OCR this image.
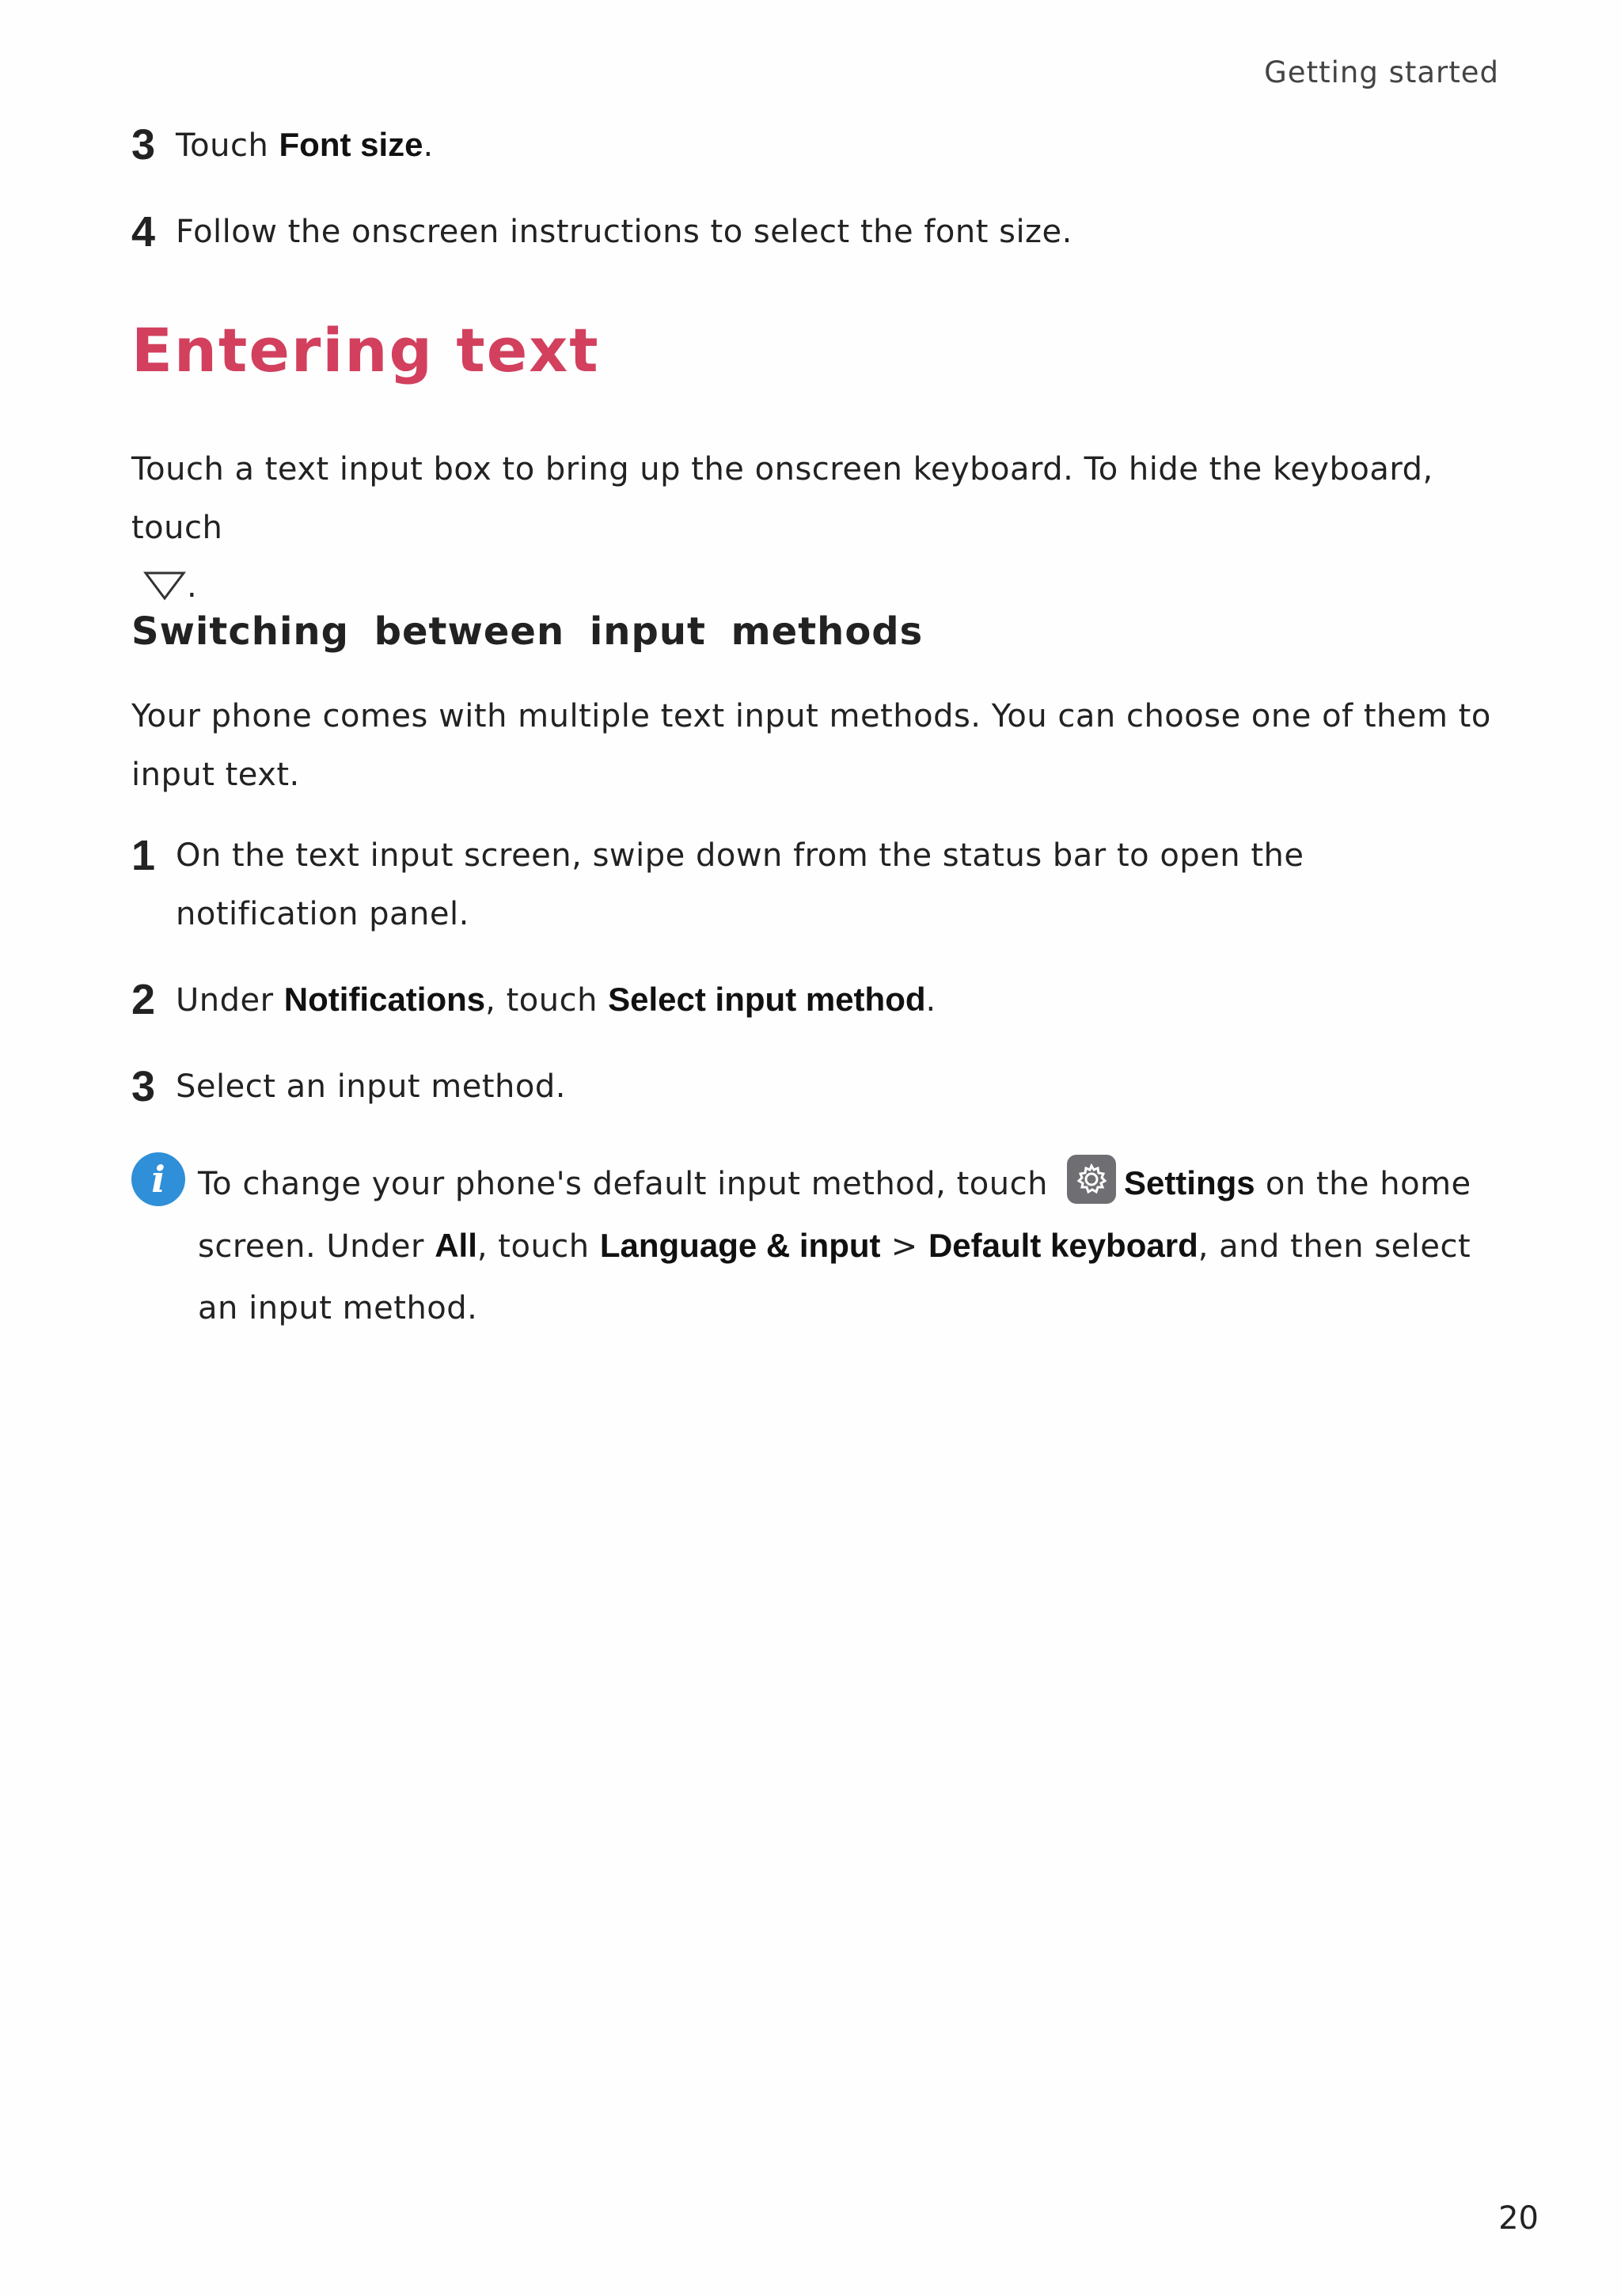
Getting started
3 Touch Font size.
4 Follow the onscreen instructions to select the font size.
Entering text
Touch a text input box to bring up the onscreen keyboard. To hide the keyboard, touch
.
Switching between input methods
Your phone comes with multiple text input methods. You can choose one of them to input text.
1 On the text input screen, swipe down from the status bar to open the notification panel.
2 Under Notifications, touch Select input method.
3 Select an input method.
i	To change your phone's default input method, touch Settings on the home screen. Under All, touch Language & input > Default keyboard, and then select an input method.
20
